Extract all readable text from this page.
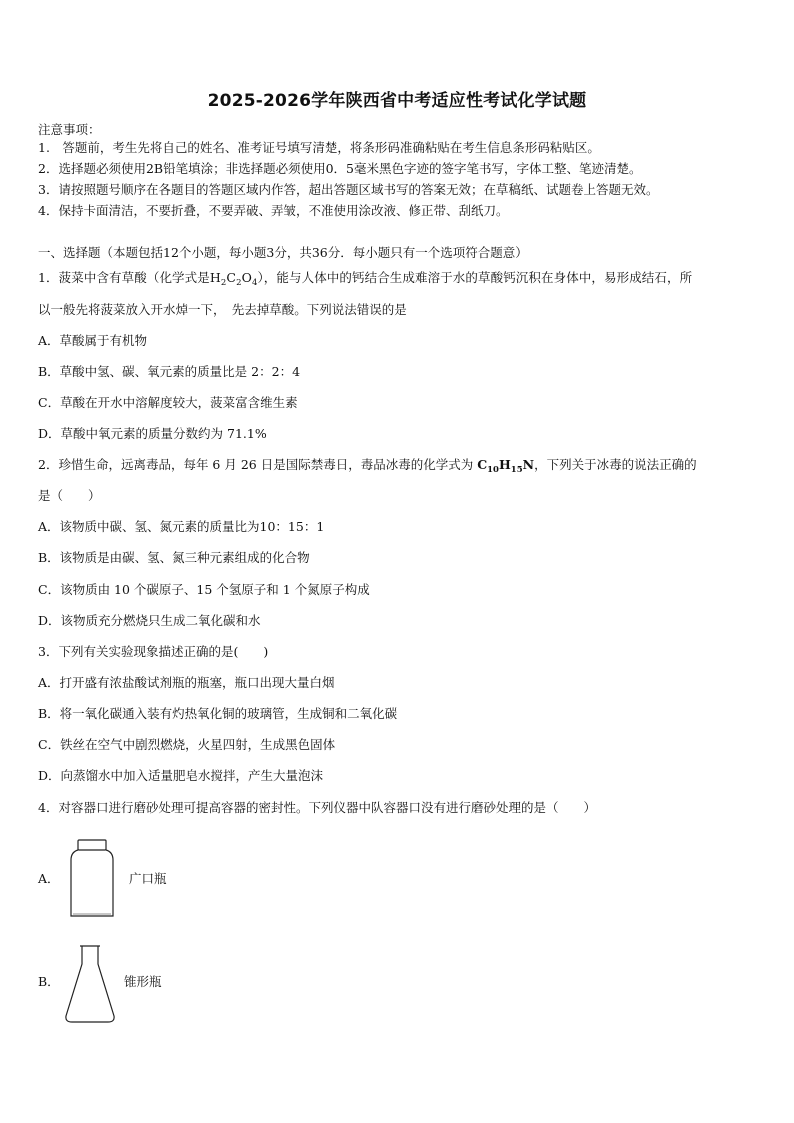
2025-2026学年陕西省中考适应性考试化学试题
注意事项：
1.　答题前，考生先将自己的姓名、准考证号填写清楚，将条形码准确粘贴在考生信息条形码粘贴区。
2．选择题必须使用2B铅笔填涂；非选择题必须使用0．5毫米黑色字迹的签字笔书写，字体工整、笔迹清楚。
3．请按照题号顺序在各题目的答题区域内作答，超出答题区域书写的答案无效；在草稿纸、试题卷上答题无效。
4．保持卡面清洁，不要折叠，不要弄破、弄皱，不准使用涂改液、修正带、刮纸刀。
一、选择题（本题包括12个小题，每小题3分，共36分．每小题只有一个选项符合题意）
1．菠菜中含有草酸（化学式是$H_2C_2O_4$），能与人体中的钙结合生成难溶于水的草酸钙沉积在身体中，易形成结石，所
以一般先将菠菜放入开水焯一下，　先去掉草酸。下列说法错误的是
A．草酸属于有机物
B．草酸中氢、碳、氧元素的质量比是 2：2：4
C．草酸在开水中溶解度较大，菠菜富含维生素
D．草酸中氧元素的质量分数约为 71.1%
2．珍惜生命，远离毒品，每年 6 月 26 日是国际禁毒日，毒品冰毒的化学式为 $C_{10}H_{15}N$，下列关于冰毒的说法正确的
是（　　）
A．该物质中碳、氢、氮元素的质量比为10：15：1
B．该物质是由碳、氢、氮三种元素组成的化合物
C．该物质由 10 个碳原子、15 个氢原子和 1 个氮原子构成
D．该物质充分燃烧只生成二氧化碳和水
3．下列有关实验现象描述正确的是(　　)
A．打开盛有浓盐酸试剂瓶的瓶塞，瓶口出现大量白烟
B．将一氧化碳通入装有灼热氧化铜的玻璃管，生成铜和二氧化碳
C．铁丝在空气中剧烈燃烧，火星四射，生成黑色固体
D．向蒸馏水中加入适量肥皂水搅拌，产生大量泡沫
4．对容器口进行磨砂处理可提高容器的密封性。下列仪器中队容器口没有进行磨砂处理的是（　　）
A．	广口瓶
B．	锥形瓶
